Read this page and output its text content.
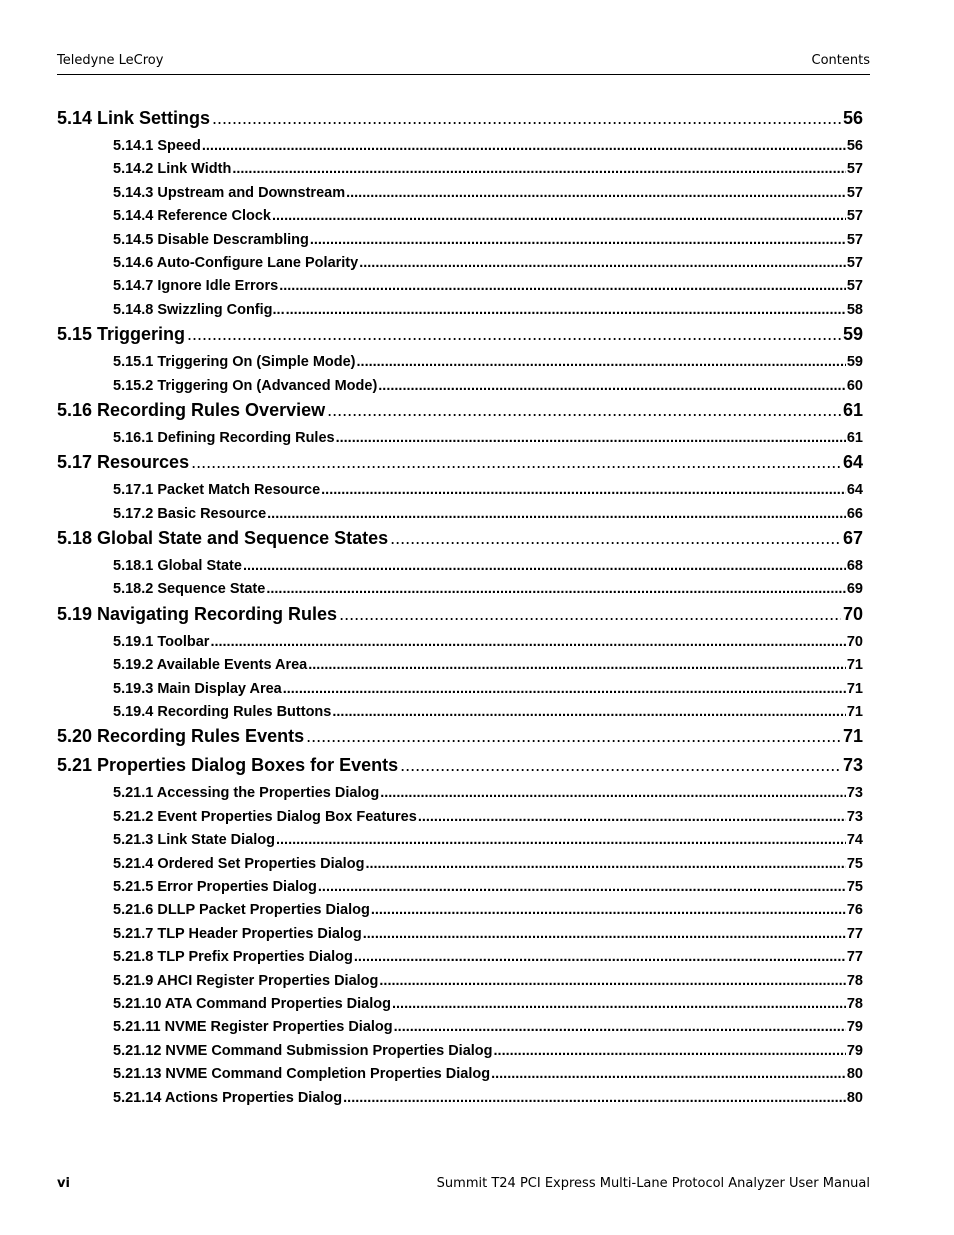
Teledyne LeCroy	Contents
5.14 Link Settings .....	56
5.14.1 Speed .....	56
5.14.2 Link Width .....	57
5.14.3 Upstream and Downstream .....	57
5.14.4 Reference Clock .....	57
5.14.5 Disable Descrambling .....	57
5.14.6 Auto-Configure Lane Polarity .....	57
5.14.7 Ignore Idle Errors .....	57
5.14.8 Swizzling Config... .....	58
5.15 Triggering .....	59
5.15.1 Triggering On (Simple Mode) .....	59
5.15.2 Triggering On (Advanced Mode) .....	60
5.16 Recording Rules Overview .....	61
5.16.1 Defining Recording Rules .....	61
5.17 Resources .....	64
5.17.1 Packet Match Resource .....	64
5.17.2 Basic Resource .....	66
5.18 Global State and Sequence States .....	67
5.18.1 Global State .....	68
5.18.2 Sequence State .....	69
5.19 Navigating Recording Rules .....	70
5.19.1 Toolbar .....	70
5.19.2 Available Events Area .....	71
5.19.3 Main Display Area .....	71
5.19.4 Recording Rules Buttons .....	71
5.20 Recording Rules Events .....	71
5.21 Properties Dialog Boxes for Events .....	73
5.21.1 Accessing the Properties Dialog .....	73
5.21.2 Event Properties Dialog Box Features .....	73
5.21.3 Link State Dialog .....	74
5.21.4 Ordered Set Properties Dialog .....	75
5.21.5 Error Properties Dialog .....	75
5.21.6 DLLP Packet Properties Dialog .....	76
5.21.7 TLP Header Properties Dialog .....	77
5.21.8 TLP Prefix Properties Dialog .....	77
5.21.9 AHCI Register Properties Dialog .....	78
5.21.10 ATA Command Properties Dialog .....	78
5.21.11 NVME Register Properties Dialog .....	79
5.21.12 NVME Command Submission Properties Dialog .....	79
5.21.13 NVME Command Completion Properties Dialog .....	80
5.21.14 Actions Properties Dialog .....	80
vi	Summit T24 PCI Express Multi-Lane Protocol Analyzer User Manual
